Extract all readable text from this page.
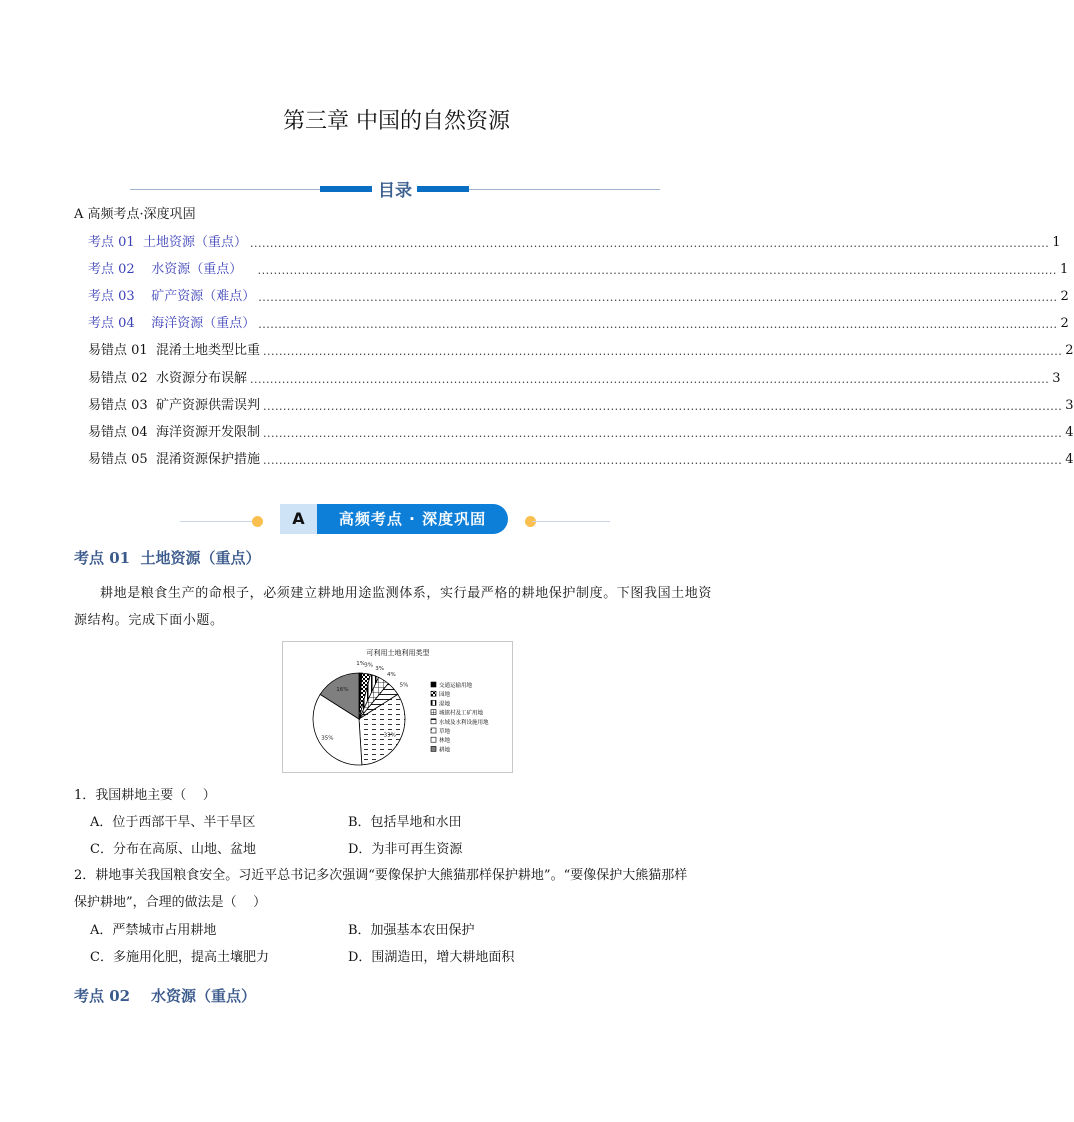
第三章 中国的自然资源
目录
A 高频考点·深度巩固
考点 01  土地资源（重点） ........................................................................................................................................................................................................ 1
考点 02    水资源（重点） ........................................................................................................................................................................................................ 1
考点 03    矿产资源（难点） ........................................................................................................................................................................................................ 2
考点 04    海洋资源（重点） ........................................................................................................................................................................................................ 2
易错点 01  混淆土地类型比重 ........................................................................................................................................................................................................ 2
易错点 02  水资源分布误解 ........................................................................................................................................................................................................ 3
易错点 03  矿产资源供需误判 ........................................................................................................................................................................................................ 3
易错点 04  海洋资源开发限制 ........................................................................................................................................................................................................ 4
易错点 05  混淆资源保护措施 ........................................................................................................................................................................................................ 4
A	高频考点 · 深度巩固
考点 01  土地资源（重点）
耕地是粮食生产的命根子，必须建立耕地用途监测体系，实行最严格的耕地保护制度。下图我国土地资源结构。完成下面小题。
可利用土地利用类型
1% 3%
3%
4%
5%
33%
35%
16%
交通运输用地
园地
湿地
城镇村及工矿用地
水域及水利设施用地
草地
林地
耕地
1．我国耕地主要（    ）
A．位于西部干旱、半干旱区	B．包括旱地和水田
C．分布在高原、山地、盆地	D．为非可再生资源
2．耕地事关我国粮食安全。习近平总书记多次强调“要像保护大熊猫那样保护耕地”。“要像保护大熊猫那样
保护耕地”，合理的做法是（    ）
A．严禁城市占用耕地	B．加强基本农田保护
C．多施用化肥，提高土壤肥力	D．围湖造田，增大耕地面积
考点 02    水资源（重点）
